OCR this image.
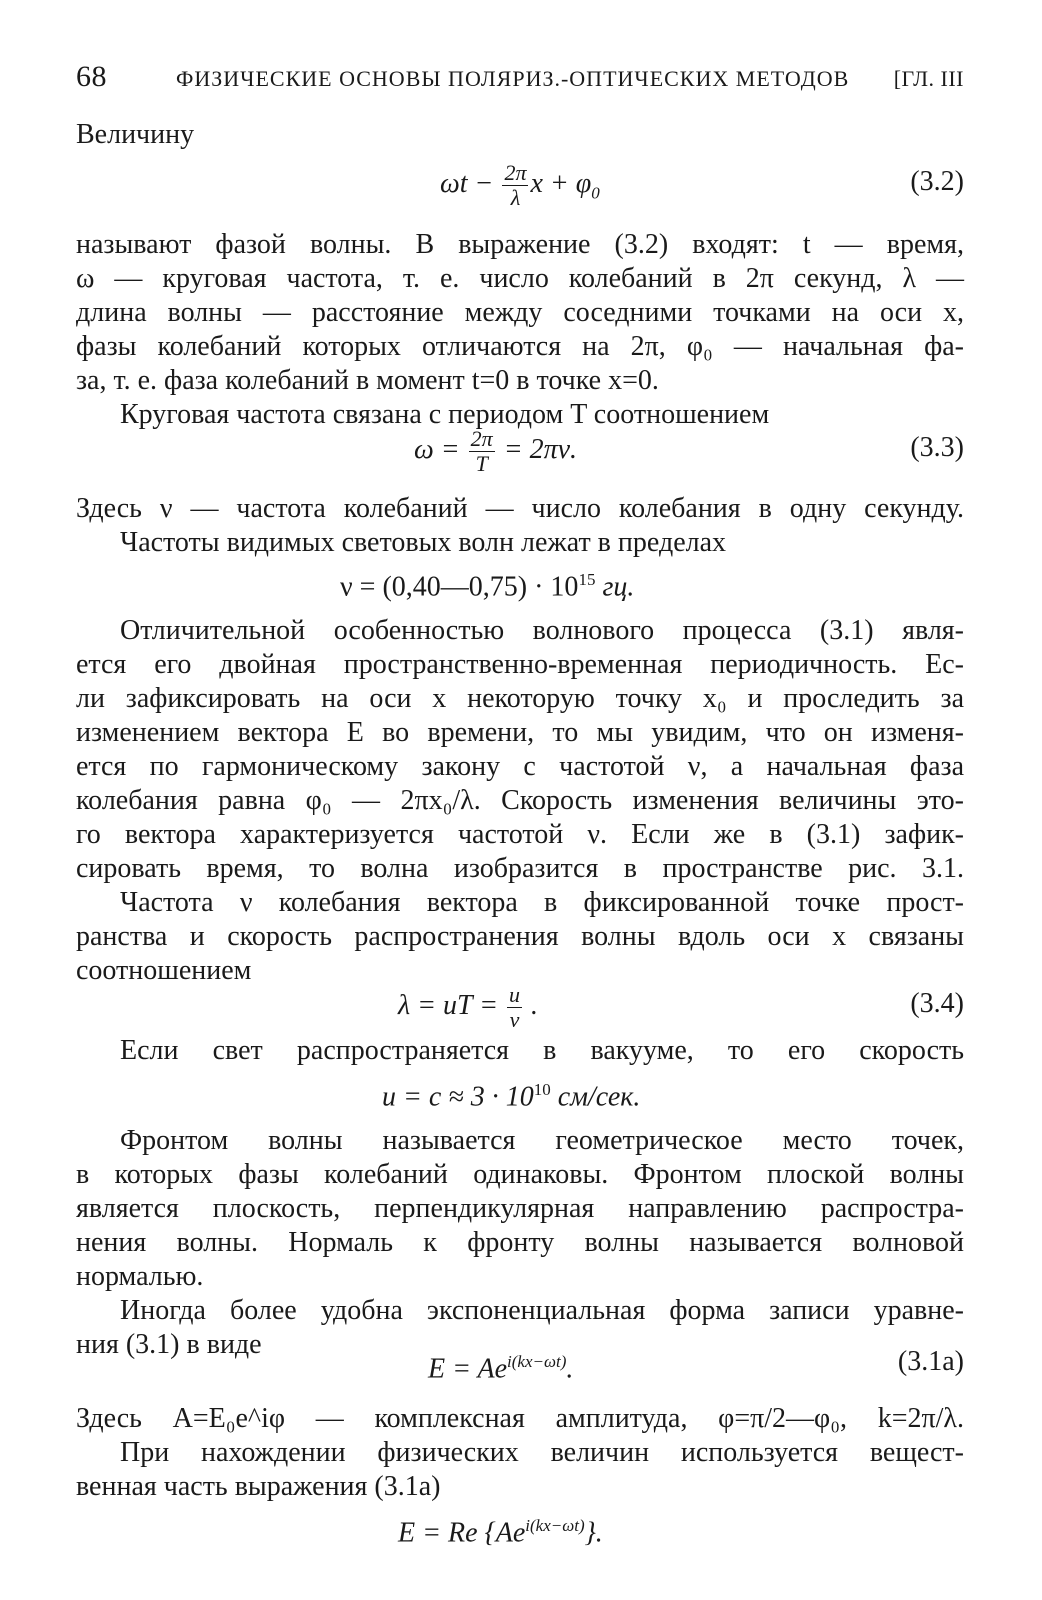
68	ФИЗИЧЕСКИЕ ОСНОВЫ ПОЛЯРИЗ.-ОПТИЧЕСКИХ МЕТОДОВ [ГЛ. III
Величину
$\omega t - \frac{2\pi}{\lambda}$ $x + \varphi_0$	(3.2)
называют фазой волны. В выражение (3.2) входят: t — время,
ω — круговая частота, т. е. число колебаний в 2π секунд, λ —
длина волны — расстояние между соседними точками на оси x,
фазы колебаний которых отличаются на 2π, φ₀ — начальная фа-
за, т. е. фаза колебаний в момент t=0 в точке x=0.
Круговая частота связана с периодом T соотношением
$\omega = \frac{2\pi}{T} = 2\pi\nu$.	(3.3)
Здесь ν — частота колебаний — число колебания в одну секунду.
Частоты видимых световых волн лежат в пределах
ν = (0,40—0,75) · $10^{15}$ гц.
Отличительной особенностью волнового процесса (3.1) явля-
ется его двойная пространственно-временная периодичность. Ес-
ли зафиксировать на оси x некоторую точку x₀ и проследить за
изменением вектора E во времени, то мы увидим, что он изменя-
ется по гармоническому закону с частотой ν, а начальная фаза
колебания равна φ₀ — 2πx₀/λ. Скорость изменения величины это-
го вектора характеризуется частотой ν. Если же в (3.1) зафик-
сировать время, то волна изобразится в пространстве рис. 3.1.
Частота ν колебания вектора в фиксированной точке прост-
ранства и скорость распространения волны вдоль оси x связаны
соотношением
λ = uT = $\frac{u}{\nu}$ .	(3.4)
Если свет распространяется в вакууме, то его скорость
$u = c \approx 3 \cdot 10^{10}$ см/сек.
Фронтом волны называется геометрическое место точек,
в которых фазы колебаний одинаковы. Фронтом плоской волны
является плоскость, перпендикулярная направлению распростра-
нения волны. Нормаль к фронту волны называется волновой
нормалью.
Иногда более удобна экспоненциальная форма записи уравне-
ния (3.1) в виде
$E = Ae^{i(kx-\omega t)}$.	(3.1a)
Здесь A=E₀e^iφ — комплексная амплитуда, φ=π/2—φ₀, k=2π/λ.
При нахождении физических величин используется вещест-
венная часть выражения (3.1а)
E = Re $\{Ae^{i(kx-\omega t)}\}$.
